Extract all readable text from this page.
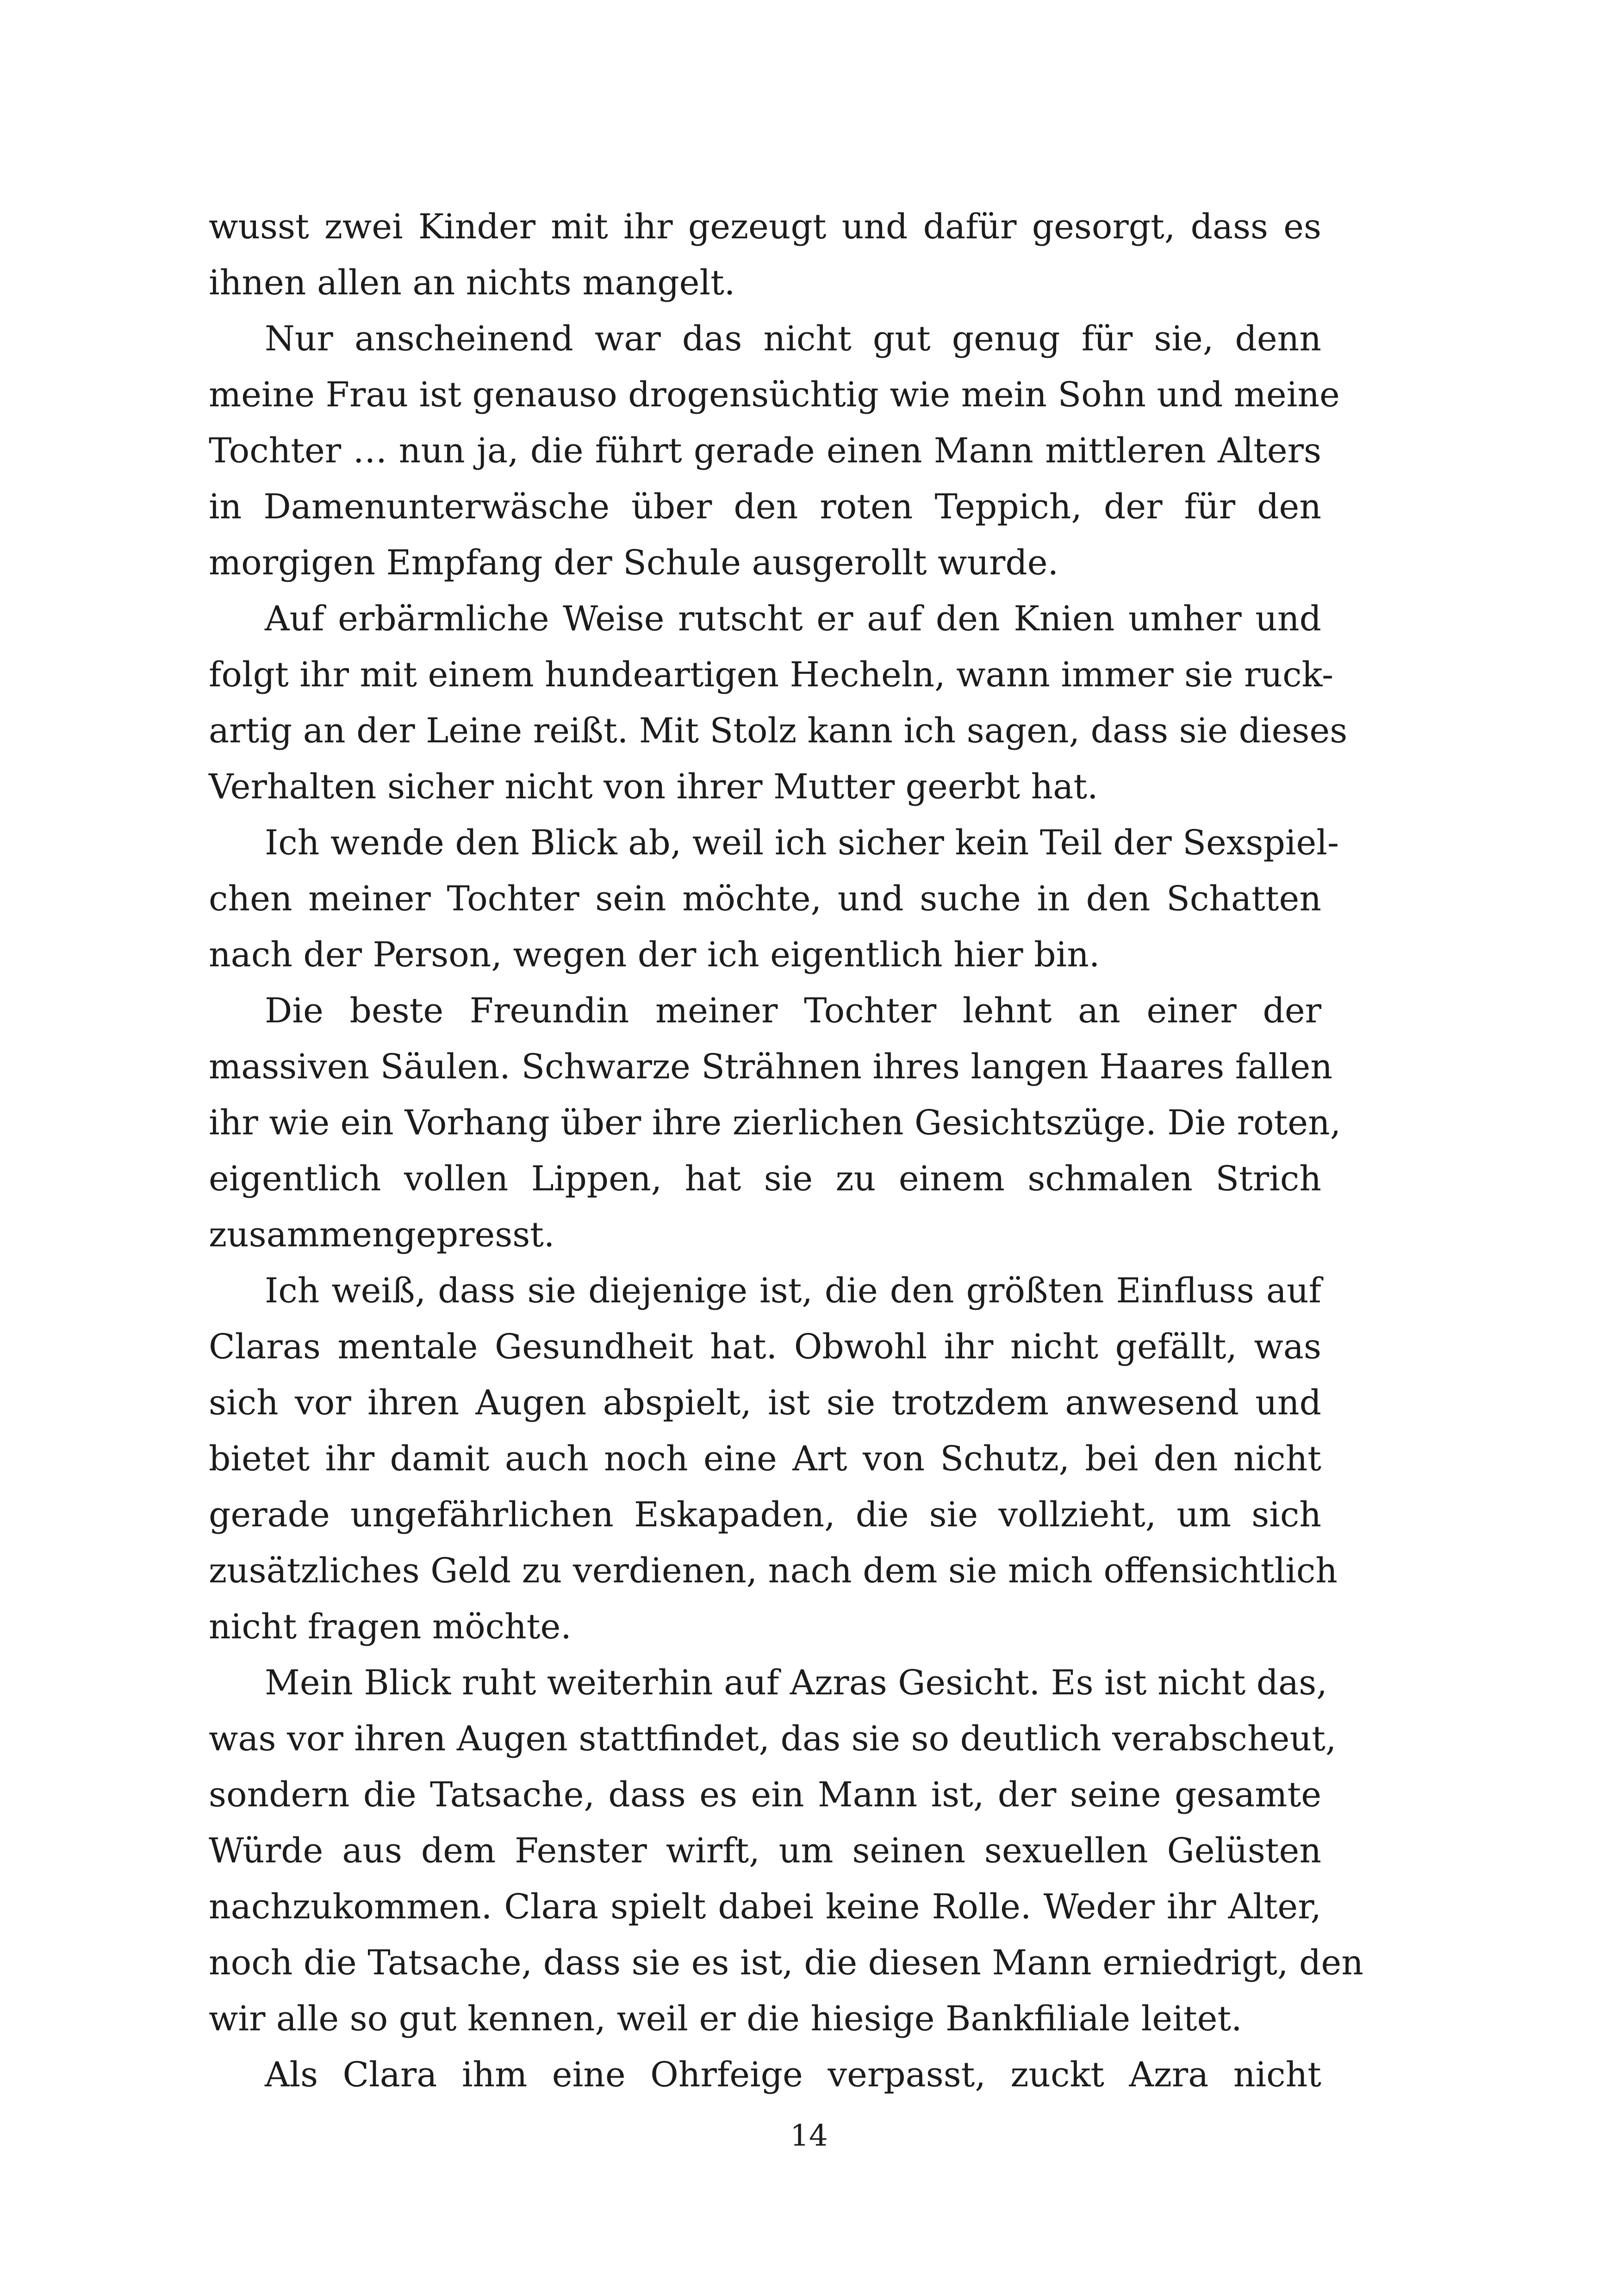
wusst zwei Kinder mit ihr gezeugt und dafür gesorgt, dass es
ihnen allen an nichts mangelt.
Nur anscheinend war das nicht gut genug für sie, denn
meine Frau ist genauso drogensüchtig wie mein Sohn und meine
Tochter … nun ja, die führt gerade einen Mann mittleren Alters
in Damenunterwäsche über den roten Teppich, der für den
morgigen Empfang der Schule ausgerollt wurde.
Auf erbärmliche Weise rutscht er auf den Knien umher und
folgt ihr mit einem hundeartigen Hecheln, wann immer sie ruck-
artig an der Leine reißt. Mit Stolz kann ich sagen, dass sie dieses
Verhalten sicher nicht von ihrer Mutter geerbt hat.
Ich wende den Blick ab, weil ich sicher kein Teil der Sexspiel-
chen meiner Tochter sein möchte, und suche in den Schatten
nach der Person, wegen der ich eigentlich hier bin.
Die beste Freundin meiner Tochter lehnt an einer der
massiven Säulen. Schwarze Strähnen ihres langen Haares fallen
ihr wie ein Vorhang über ihre zierlichen Gesichtszüge. Die roten,
eigentlich vollen Lippen, hat sie zu einem schmalen Strich
zusammengepresst.
Ich weiß, dass sie diejenige ist, die den größten Einfluss auf
Claras mentale Gesundheit hat. Obwohl ihr nicht gefällt, was
sich vor ihren Augen abspielt, ist sie trotzdem anwesend und
bietet ihr damit auch noch eine Art von Schutz, bei den nicht
gerade ungefährlichen Eskapaden, die sie vollzieht, um sich
zusätzliches Geld zu verdienen, nach dem sie mich offensichtlich
nicht fragen möchte.
Mein Blick ruht weiterhin auf Azras Gesicht. Es ist nicht das,
was vor ihren Augen stattfindet, das sie so deutlich verabscheut,
sondern die Tatsache, dass es ein Mann ist, der seine gesamte
Würde aus dem Fenster wirft, um seinen sexuellen Gelüsten
nachzukommen. Clara spielt dabei keine Rolle. Weder ihr Alter,
noch die Tatsache, dass sie es ist, die diesen Mann erniedrigt, den
wir alle so gut kennen, weil er die hiesige Bankfiliale leitet.
Als Clara ihm eine Ohrfeige verpasst, zuckt Azra nicht
14
